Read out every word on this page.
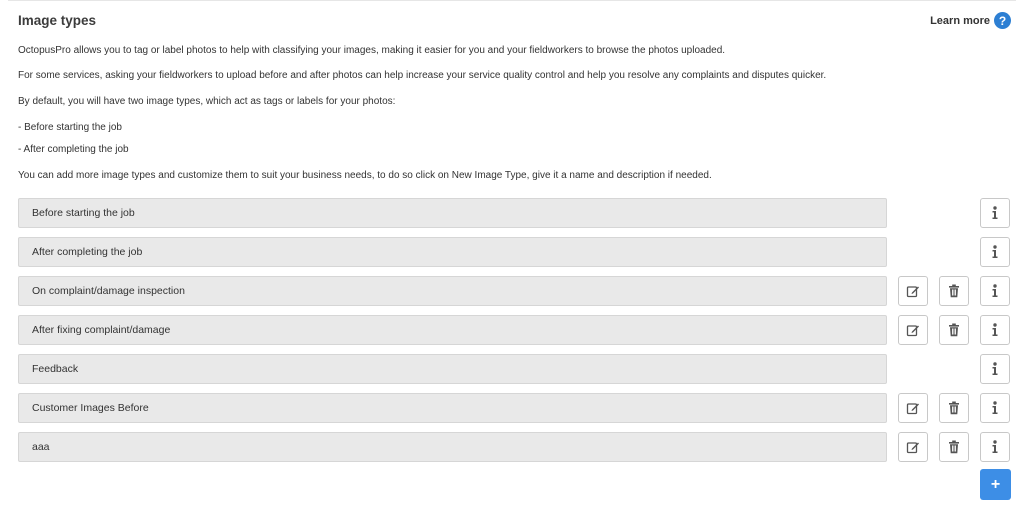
Image types	Learn more ?
OctopusPro allows you to tag or label photos to help with classifying your images, making it easier for you and your fieldworkers to browse the photos uploaded.
For some services, asking your fieldworkers to upload before and after photos can help increase your service quality control and help you resolve any complaints and disputes quicker.
By default, you will have two image types, which act as tags or labels for your photos:
- Before starting the job
- After completing the job
You can add more image types and customize them to suit your business needs, to do so click on New Image Type, give it a name and description if needed.
Before starting the job
After completing the job
On complaint/damage inspection
After fixing complaint/damage
Feedback
Customer Images Before
aaa
+
